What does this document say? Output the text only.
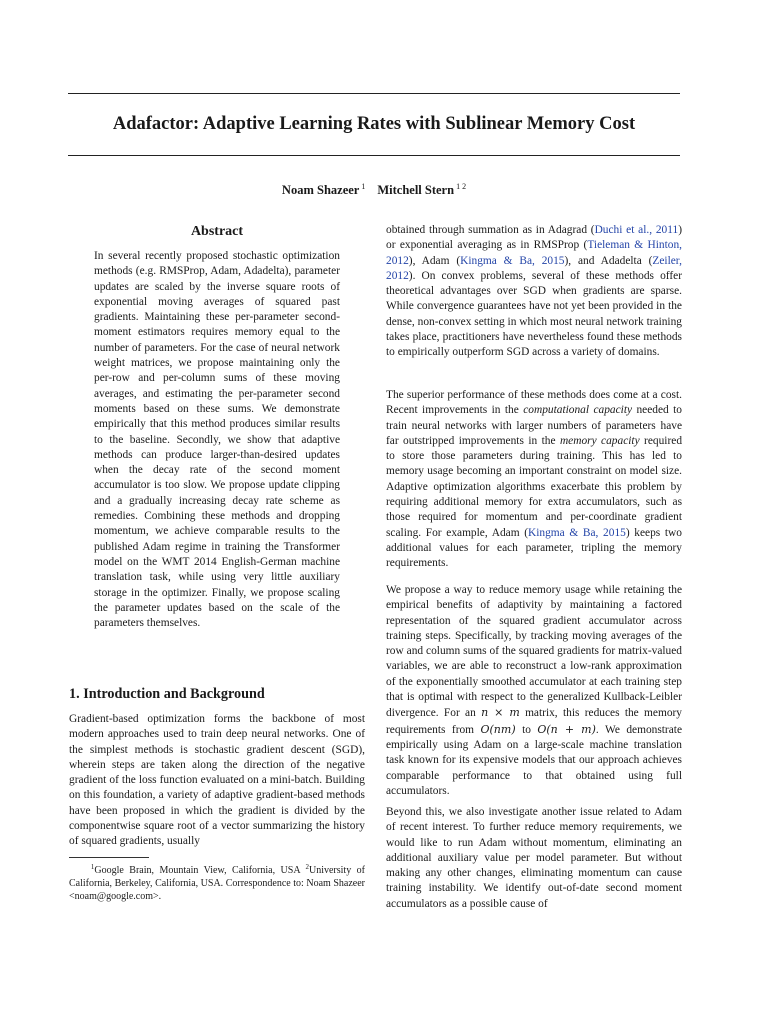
Adafactor: Adaptive Learning Rates with Sublinear Memory Cost
Noam Shazeer $^1$ Mitchell Stern $^{1 2}$
Abstract
In several recently proposed stochastic optimization methods (e.g. RMSProp, Adam, Adadelta), parameter updates are scaled by the inverse square roots of exponential moving averages of squared past gradients. Maintaining these per-parameter second-moment estimators requires memory equal to the number of parameters. For the case of neural network weight matrices, we propose maintaining only the per-row and per-column sums of these moving averages, and estimating the per-parameter second moments based on these sums. We demonstrate empirically that this method produces similar results to the baseline. Secondly, we show that adaptive methods can produce larger-than-desired updates when the decay rate of the second moment accumulator is too slow. We propose update clipping and a gradually increasing decay rate scheme as remedies. Combining these methods and dropping momentum, we achieve comparable results to the published Adam regime in training the Transformer model on the WMT 2014 English-German machine translation task, while using very little auxiliary storage in the optimizer. Finally, we propose scaling the parameter updates based on the scale of the parameters themselves.
1. Introduction and Background
Gradient-based optimization forms the backbone of most modern approaches used to train deep neural networks. One of the simplest methods is stochastic gradient descent (SGD), wherein steps are taken along the direction of the negative gradient of the loss function evaluated on a mini-batch. Building on this foundation, a variety of adaptive gradient-based methods have been proposed in which the gradient is divided by the componentwise square root of a vector summarizing the history of squared gradients, usually
$^1$Google Brain, Mountain View, California, USA $^2$University of California, Berkeley, California, USA. Correspondence to: Noam Shazeer <noam@google.com>.
obtained through summation as in Adagrad (Duchi et al., 2011) or exponential averaging as in RMSProp (Tieleman & Hinton, 2012), Adam (Kingma & Ba, 2015), and Adadelta (Zeiler, 2012). On convex problems, several of these methods offer theoretical advantages over SGD when gradients are sparse. While convergence guarantees have not yet been provided in the dense, non-convex setting in which most neural network training takes place, practitioners have nevertheless found these methods to empirically outperform SGD across a variety of domains.
The superior performance of these methods does come at a cost. Recent improvements in the computational capacity needed to train neural networks with larger numbers of parameters have far outstripped improvements in the memory capacity required to store those parameters during training. This has led to memory usage becoming an important constraint on model size. Adaptive optimization algorithms exacerbate this problem by requiring additional memory for extra accumulators, such as those required for momentum and per-coordinate gradient scaling. For example, Adam (Kingma & Ba, 2015) keeps two additional values for each parameter, tripling the memory requirements.
We propose a way to reduce memory usage while retaining the empirical benefits of adaptivity by maintaining a factored representation of the squared gradient accumulator across training steps. Specifically, by tracking moving averages of the row and column sums of the squared gradients for matrix-valued variables, we are able to reconstruct a low-rank approximation of the exponentially smoothed accumulator at each training step that is optimal with respect to the generalized Kullback-Leibler divergence. For an n × m matrix, this reduces the memory requirements from O(nm) to O(n + m). We demonstrate empirically using Adam on a large-scale machine translation task known for its expensive models that our approach achieves comparable performance to that obtained using full accumulators.
Beyond this, we also investigate another issue related to Adam of recent interest. To further reduce memory requirements, we would like to run Adam without momentum, eliminating an additional auxiliary value per model parameter. But without making any other changes, eliminating momentum can cause training instability. We identify out-of-date second moment accumulators as a possible cause of
